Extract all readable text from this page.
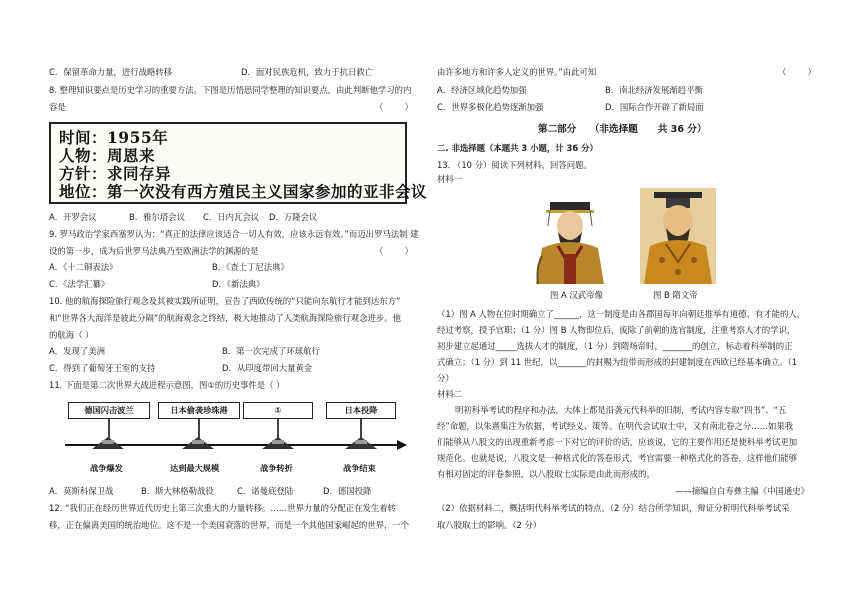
C．保留革命力量，进行战略转移	D．面对民族危机，致力于抗日救亡
8. 整理知识要点是历史学习的重要方法。下图是历悟思同学整理的知识要点，由此判断他学习的内
容是	（        ）
时间：1955年
人物：周恩来
方针：求同存异
地位：第一次没有西方殖民主义国家参加的亚非会议
A．开罗会议	B．雅尔塔会议 C．日内瓦会议 D．万隆会议
9. 罗马政治学家西塞罗认为：“真正的法律应该适合一切人有效，应该永远有效。”而迈出罗马法制 建
设的第一步，成为后世罗马法典乃至欧洲法学的渊源的是	（        ）
A．《十二铜表法》	B．《查士丁尼法典》
C．《法学汇纂》	D．《新法典》
10. 他的航海探险旅行观念及其被实践所证明，宣告了西欧传统的“只能向东航行才能到达东方”
和“世界各大海洋是彼此分隔”的航海观念之终结，极大地推动了人类航海探险旅行观念进步。他
的航海（ ）
A．发现了美洲	B．第一次完成了环球航行
C．得到了葡萄牙王室的支持	D．从印度带回大量黄金
11. 下面是第二次世界大战进程示意图，图①的历史事件是（ ）
德国闪击波兰	日本偷袭珍珠港	①	日本投降
战争爆发	达到最大规模	战争转折	战争结束
A．莫斯科保卫战	B．斯大林格勒战役	C．诺曼底登陆	D．德国投降
12. “我们正在经历世界近代历史上第三次重大的力量转移。……世界力量的分配正在发生着转
移，正在偏离美国的统治地位。这不是一个美国衰落的世界，而是一个其他国家崛起的世界，一个
由许多地方和许多人定义的世界。”由此可知	（        ）
A．经济区域化趋势加强	B．南北经济发展渐趋平衡
C．世界多极化趋势逐渐加强	D．国际合作开辟了新局面
第二部分    （非选择题      共 36 分）
二. 非选择题（本题共 3 小题，计 36 分）
13. （10 分）阅读下列材料，回答问题。
材料一
图 A 汉武帝像	图 B 隋文帝
（1）图 A 人物在位时期确立了______，这一制度是由各郡国每年向朝廷推举有道德、有才能的人，
经过考察，授予官职；（1 分）图 B 人物即位后，废除了前朝的选官制度，注重考察人才的学识，
初步建立起通过_____选拔人才的制度，（1 分）到隋炀帝时，_______的创立，标志着科举制的正
式确立；（1 分）到 11 世纪，以_______的封赐为纽带而形成的封建制度在西欧已经基本确立。（1
分）
材料二
明初科举考试的程序和办法，大体上都是沿袭元代科举的旧制，考试内容专取“四书”、“五
经”命题，以朱熹集注为依据，考试经义、策等。在明代会试取士中，又有南北卷之分……如果我
们能够从八股文的出现重新考虑一下对它的评价的话，应该说，它的主要作用还是使科举考试更加
规范化。也就是说，八股文是一种格式化的答卷形式，考官需要一种格式化的答卷，这样他们能够
有相对固定的评卷参照，以八股取士实际是由此而形成的。
——摘编自白寿彝主编《中国通史》
（2）依据材料二，概括明代科举考试的特点。（2 分）结合所学知识，辩证分析明代科举考试采
取八股取士的影响。（2 分）
